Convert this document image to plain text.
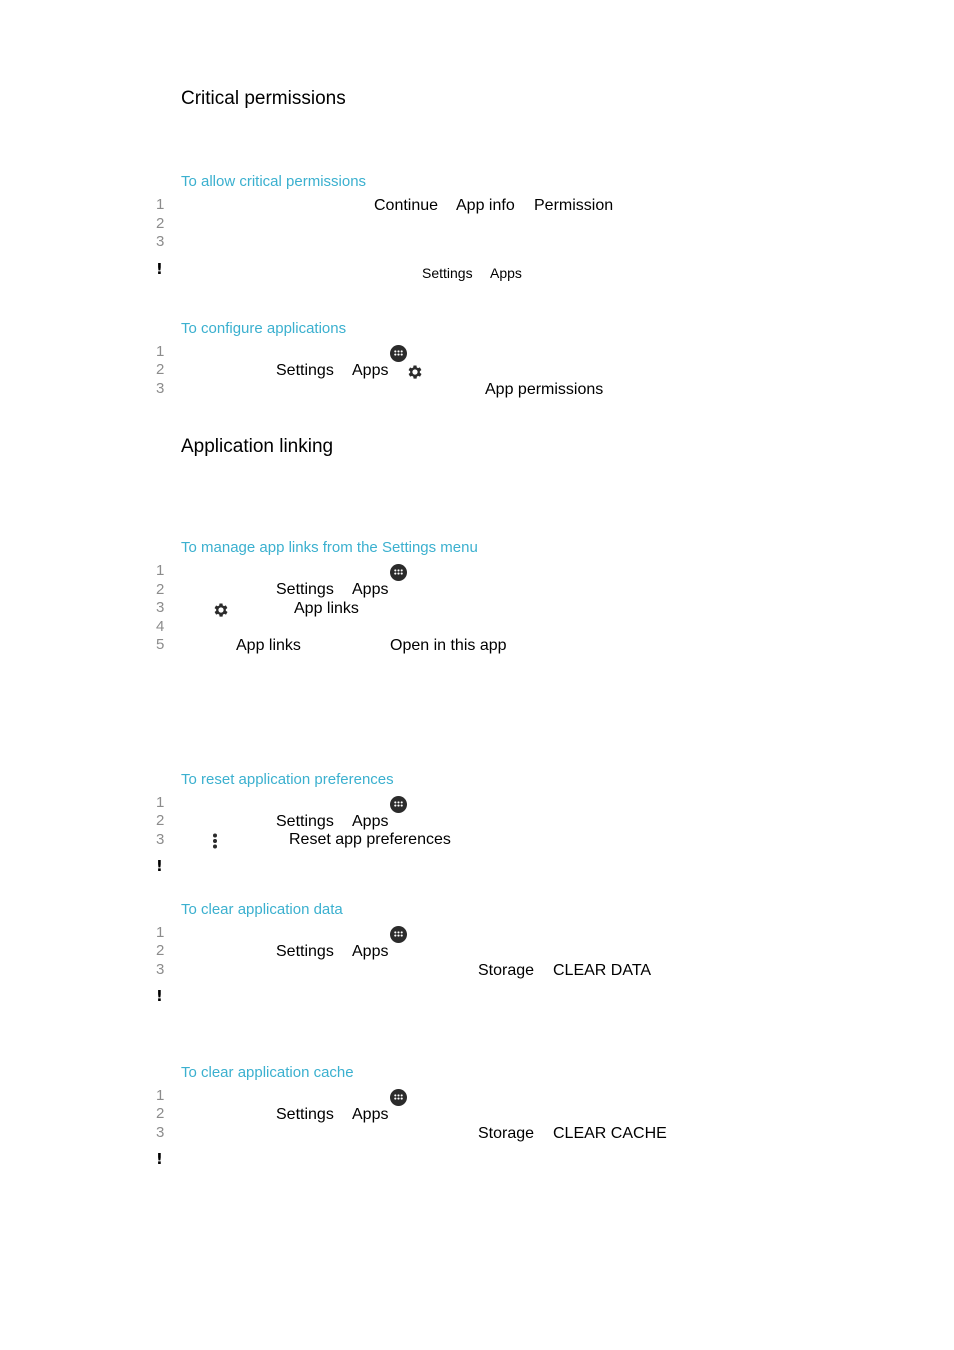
Critical permissions
To allow critical permissions
1
2
3
Continue App info Permission
!	Settings Apps
To configure applications
1
2
3
Settings Apps
App permissions
Application linking
To manage app links from the Settings menu
1
2
3
4
5
Settings Apps
App links
App links	Open in this app
To reset application preferences
1
2
3
Settings Apps
Reset app preferences
!
To clear application data
1
2
3
Settings Apps
Storage CLEAR DATA
!
To clear application cache
1
2
3
Settings Apps
Storage CLEAR CACHE
!
